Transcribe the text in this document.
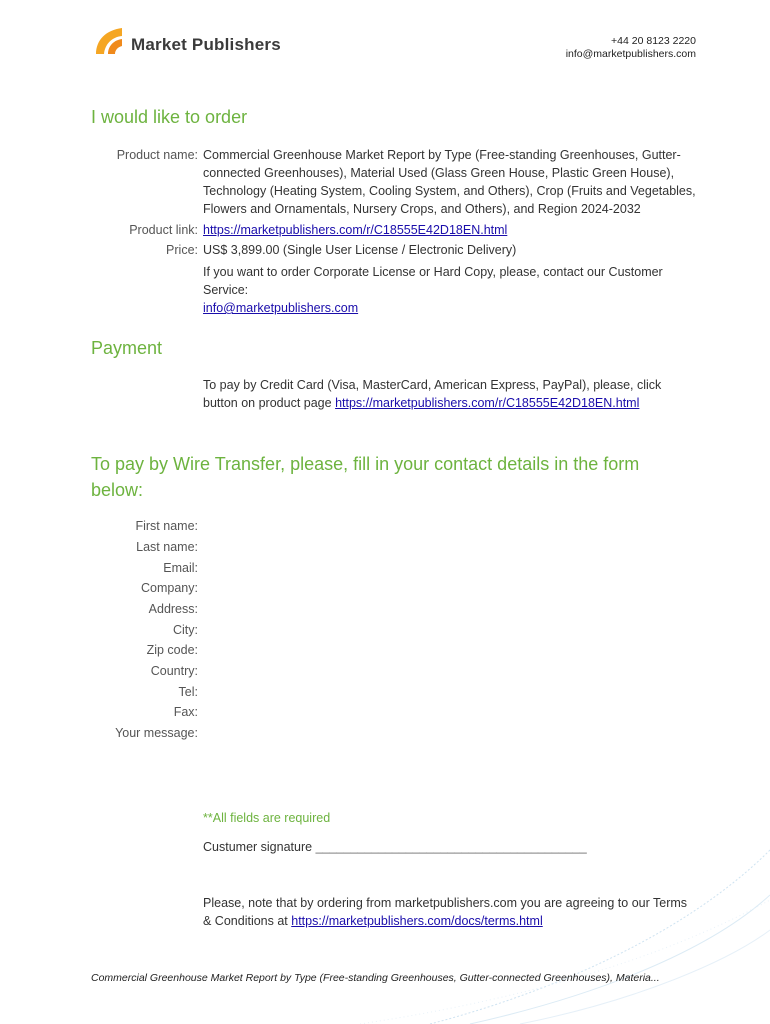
Market Publishers	+44 20 8123 2220
info@marketpublishers.com
I would like to order
Product name: Commercial Greenhouse Market Report by Type (Free-standing Greenhouses, Gutter-
connected Greenhouses), Material Used (Glass Green House, Plastic Green House),
Technology (Heating System, Cooling System, and Others), Crop (Fruits and Vegetables,
Flowers and Ornamentals, Nursery Crops, and Others), and Region 2024-2032
Product link: https://marketpublishers.com/r/C18555E42D18EN.html
Price: US$ 3,899.00 (Single User License / Electronic Delivery)
If you want to order Corporate License or Hard Copy, please, contact our Customer
Service:
info@marketpublishers.com
Payment
To pay by Credit Card (Visa, MasterCard, American Express, PayPal), please, click
button on product page https://marketpublishers.com/r/C18555E42D18EN.html
To pay by Wire Transfer, please, fill in your contact details in the form
below:
First name:
Last name:
Email:
Company:
Address:
City:
Zip code:
Country:
Tel:
Fax:
Your message:
**All fields are required
Custumer signature _______________________________________
Please, note that by ordering from marketpublishers.com you are agreeing to our Terms
& Conditions at https://marketpublishers.com/docs/terms.html
Commercial Greenhouse Market Report by Type (Free-standing Greenhouses, Gutter-connected Greenhouses), Materia...
